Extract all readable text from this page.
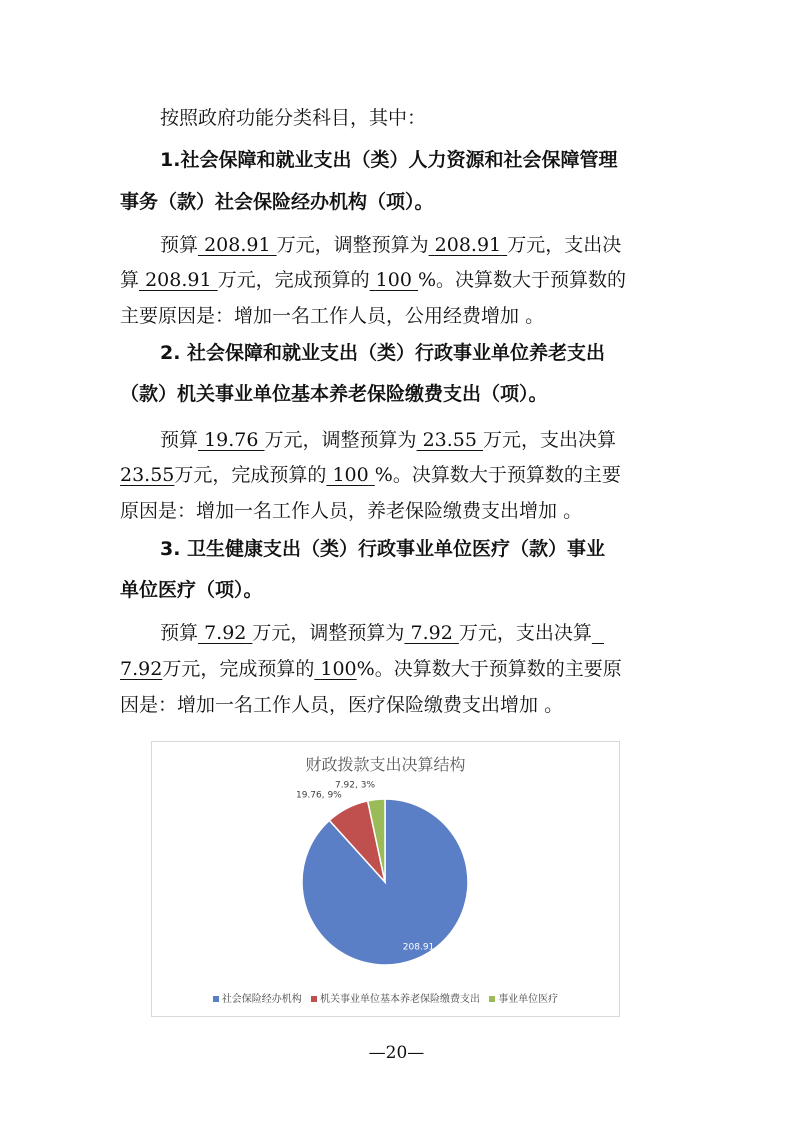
按照政府功能分类科目，其中：
1.社会保障和就业支出（类）人力资源和社会保障管理
事务（款）社会保险经办机构（项）。
预算 208.91 万元，调整预算为 208.91 万元，支出决
算 208.91 万元，完成预算的 100 %。决算数大于预算数的
主要原因是：增加一名工作人员，公用经费增加 。
2. 社会保障和就业支出（类）行政事业单位养老支出
（款）机关事业单位基本养老保险缴费支出（项）。
预算 19.76 万元，调整预算为 23.55 万元，支出决算
23.55万元，完成预算的 100 %。决算数大于预算数的主要
原因是：增加一名工作人员，养老保险缴费支出增加 。
3. 卫生健康支出（类）行政事业单位医疗（款）事业
单位医疗（项）。
预算 7.92 万元，调整预算为 7.92 万元，支出决算
7.92万元，完成预算的 100%。决算数大于预算数的主要原
因是：增加一名工作人员，医疗保险缴费支出增加 。
财政拨款支出决算结构
208.91, 88%
19.76, 9%
7.92, 3%
社会保险经办机构 机关事业单位基本养老保险缴费支出 事业单位医疗
—20—
